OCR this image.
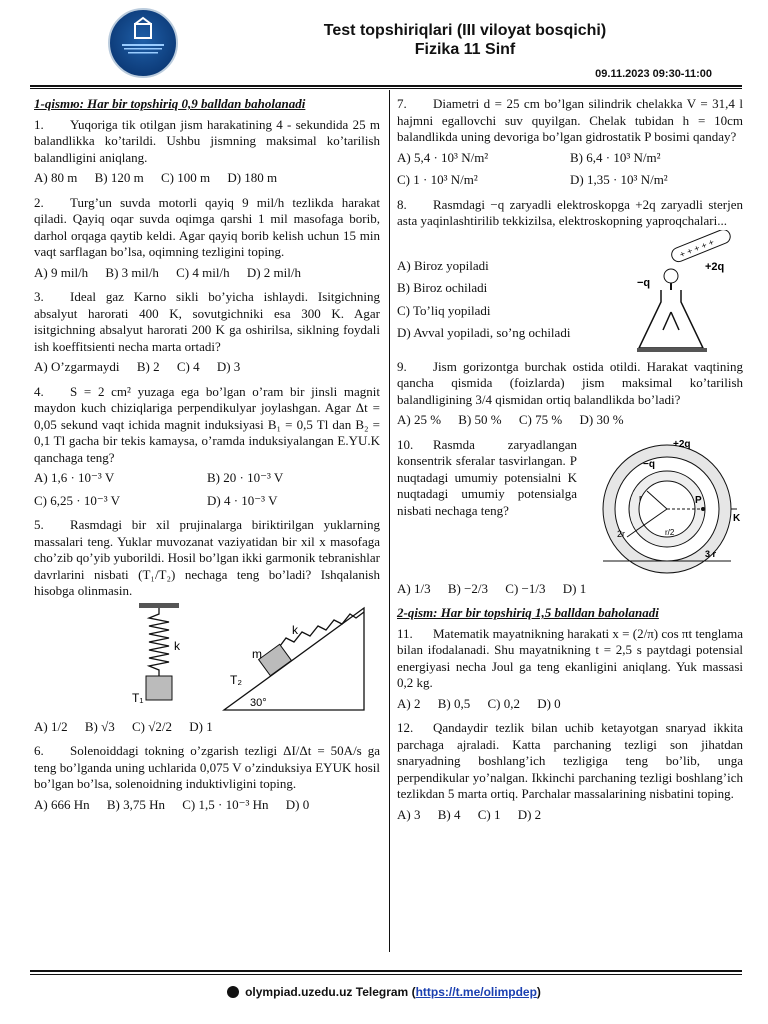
Test topshiriqlari (III viloyat bosqichi)
Fizika 11 Sinf
09.11.2023 09:30-11:00
1-qismю: Har bir topshiriq 0,9 balldan baholanadi

1. Yuqoriga tik otilgan jism harakatining 4 - sekundida 25 m balandlikka ko’tarildi. Ushbu jismning maksimal ko’tarilish balandligini aniqlang.

A) 80 m B) 120 m C) 100 m D) 180 m

2. Turg’un suvda motorli qayiq 9 mil/h tezlikda harakat qiladi. Qayiq oqar suvda oqimga qarshi 1 mil masofaga borib, darhol orqaga qaytib keldi. Agar qayiq borib kelish uchun 15 min vaqt sarflagan bo’lsa, oqimning tezligini toping.

A) 9 mil/h B) 3 mil/h C) 4 mil/h D) 2 mil/h

3. Ideal gaz Karno sikli bo’yicha ishlaydi. Isitgichning absalyut harorati 400 K, sovutgichniki esa 300 K. Agar isitgichning absalyut harorati 200 K ga oshirilsa, siklning foydali ish koeffitsienti necha marta ortadi?

A) O’zgarmaydi B) 2 C) 4 D) 3

4. S = 2 cm² yuzaga ega bo’lgan o’ram bir jinsli magnit maydon kuch chiziqlariga perpendikulyar joylashgan. Agar Δt = 0,05 sekund vaqt ichida magnit induksiyasi B₁ = 0,5 Tl dan B₂ = 0,1 Tl gacha bir tekis kamaysa, o’ramda induksiyalangan E.YU.K qanchaga teng?

A) 1,6 · 10⁻³ V	B) 20 · 10⁻³ V
C) 6,25 · 10⁻³ V	D) 4 · 10⁻³ V

5. Rasmdagi bir xil prujinalarga biriktirilgan yuklarning massalari teng. Yuklar muvozanat vaziyatidan bir xil x masofaga cho’zib qo’yib yuborildi. Hosil bo’lgan ikki garmonik tebranishlar davrlarini nisbati (T₁/T₂) nechaga teng bo’ladi? Ishqalanish hisobga olinmasin.

k
T₁
k
m
T₂
30°
A) 1/2 B) √3 C) √2/2 D) 1

6. Solenoiddagi tokning o’zgarish tezligi ΔI/Δt = 50A/s ga teng bo’lganda uning uchlarida 0,075 V o’zinduksiya EYUK hosil bo’lgan bo’lsa, solenoidning induktivligini toping.

A) 666 Hn B) 3,75 Hn C) 1,5 · 10⁻³ Hn D) 0

7. Diametri d = 25 cm bo’lgan silindrik chelakka V = 31,4 l hajmni egallovchi suv quyilgan. Chelak tubidan h = 10cm balandlikda uning devoriga bo’lgan gidrostatik P bosimi qanday?

A) 5,4 · 10³ N/m²	B) 6,4 · 10³ N/m²
C) 1 · 10³ N/m²	D) 1,35 · 10³ N/m²

8. Rasmdagi −q zaryadli elektroskopga +2q zaryadli sterjen asta yaqinlashtirilib tekkizilsa, elektroskopning yaproqchalari...

A) Biroz yopiladi
B) Biroz ochiladi
C) To’liq yopiladi
D) Avval yopiladi, so’ng ochiladi
+ + + + +
+2q
−q

9. Jism gorizontga burchak ostida otildi. Harakat vaqtining qancha qismida (foizlarda) jism maksimal ko’tarilish balandligining 3/4 qismidan ortiq balandlikda bo’ladi?

A) 25 % B) 50 % C) 75 % D) 30 %

10. Rasmda zaryadlangan konsentrik sferalar tasvirlangan. P nuqtadagi umumiy potensialni K nuqtadagi umumiy potensialga nisbati nechaga teng?

+2q
−q
r	P
K
2r	r/2
3 r
A) 1/3 B) −2/3 C) −1/3 D) 1
2-qism: Har bir topshiriq 1,5 balldan baholanadi

11. Matematik mayatnikning harakati x = (2/π) cos πt tenglama bilan ifodalanadi. Shu mayatnikning t = 2,5 s paytdagi potensial energiyasi necha Joul ga teng ekanligini aniqlang. Yuk massasi 0,2 kg.

A) 2 B) 0,5 C) 0,2 D) 0

12. Qandaydir tezlik bilan uchib ketayotgan snaryad ikkita parchaga ajraladi. Katta parchaning tezligi son jihatdan snaryadning boshlang’ich tezligiga teng bo’lib, unga perpendikular yo’nalgan. Ikkinchi parchaning tezligi boshlang’ich tezlikdan 5 marta ortiq. Parchalar massalarining nisbatini toping.

A) 3 B) 4 C) 1 D) 2
olympiad.uzedu.uz Telegram (https://t.me/olimpdep)
